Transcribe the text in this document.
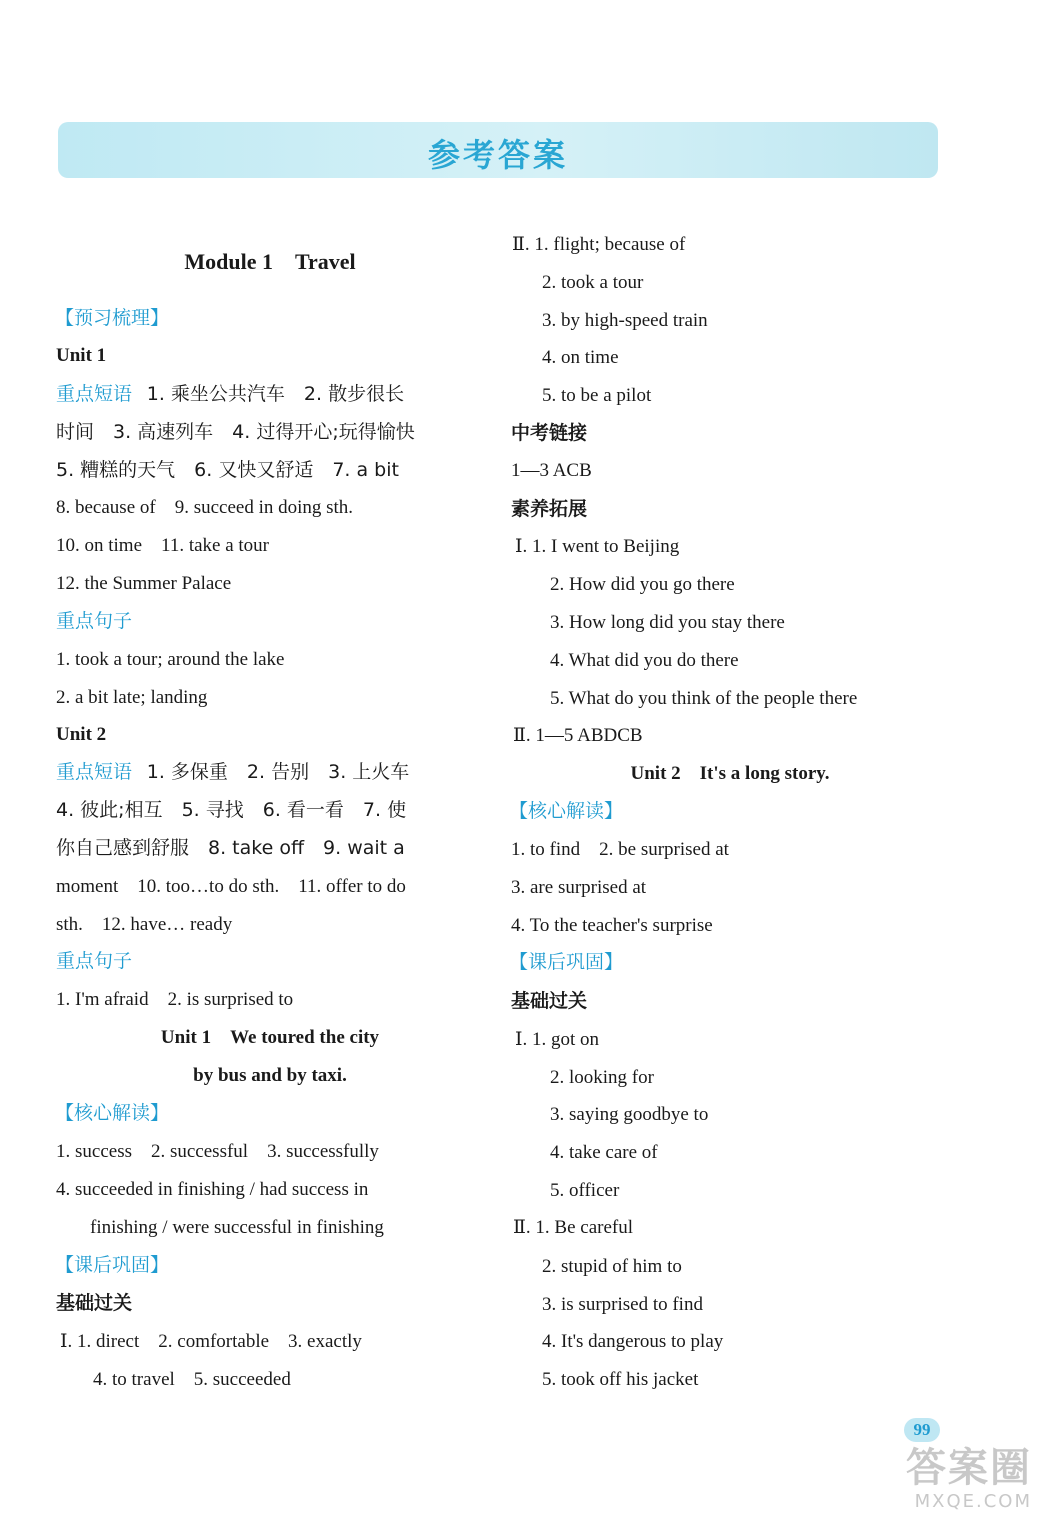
参考答案
Module 1　Travel
【预习梳理】
Unit 1
重点短语 1. 乘坐公共汽车　2. 散步很长
时间　3. 高速列车　4. 过得开心;玩得愉快
5. 糟糕的天气　6. 又快又舒适　7. a bit
8. because of　9. succeed in doing sth.
10. on time　11. take a tour
12. the Summer Palace
重点句子
1. took a tour; around the lake
2. a bit late; landing
Unit 2
重点短语 1. 多保重　2. 告别　3. 上火车
4. 彼此;相互　5. 寻找　6. 看一看　7. 使
你自己感到舒服　8. take off　9. wait a
moment　10. too…to do sth.　11. offer to do
sth.　12. have… ready
重点句子
1. I'm afraid　2. is surprised to
Unit 1　We toured the city
by bus and by taxi.
【核心解读】
1. success　2. successful　3. successfully
4. succeeded in finishing / had success in
finishing / were successful in finishing
【课后巩固】
基础过关
Ⅰ. 1. direct　2. comfortable　3. exactly
4. to travel　5. succeeded
Ⅱ. 1. flight; because of
2. took a tour
3. by high-speed train
4. on time
5. to be a pilot
中考链接
1—3 ACB
素养拓展
Ⅰ. 1. I went to Beijing
2. How did you go there
3. How long did you stay there
4. What did you do there
5. What do you think of the people there
Ⅱ. 1—5 ABDCB
Unit 2　It's a long story.
【核心解读】
1. to find　2. be surprised at
3. are surprised at
4. To the teacher's surprise
【课后巩固】
基础过关
Ⅰ. 1. got on
2. looking for
3. saying goodbye to
4. take care of
5. officer
Ⅱ. 1. Be careful
2. stupid of him to
3. is surprised to find
4. It's dangerous to play
5. took off his jacket
99
答案圈
MXQE.COM
